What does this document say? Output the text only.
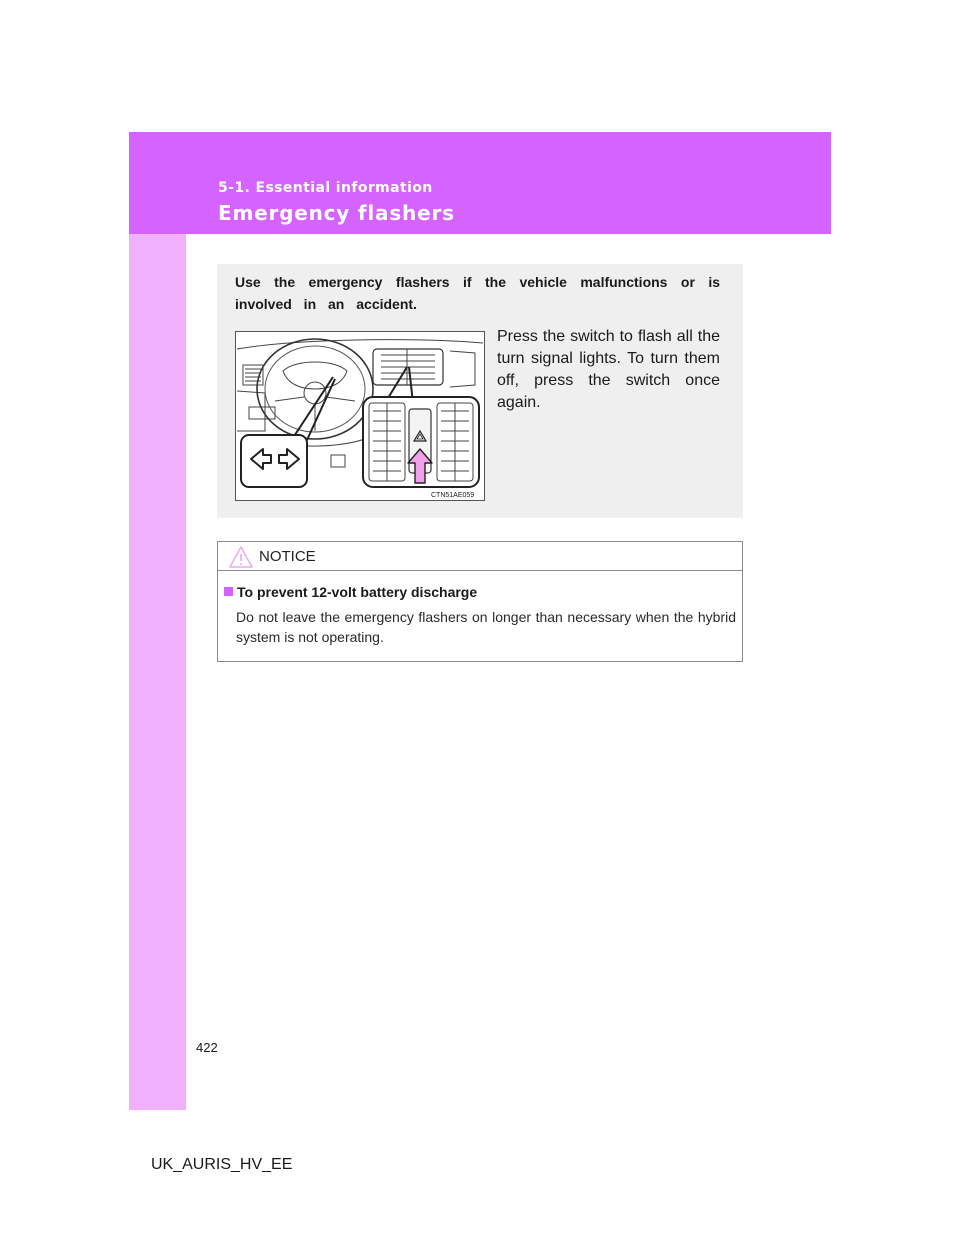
5-1. Essential information

Emergency flashers

Use the emergency flashers if the vehicle malfunctions or is involved in an accident.

CTN51AE059

Press the switch to flash all the turn signal lights. To turn them off, press the switch once again.

NOTICE

To prevent 12-volt battery discharge

Do not leave the emergency flashers on longer than necessary when the hybrid system is not operating.

422

UK_AURIS_HV_EE
